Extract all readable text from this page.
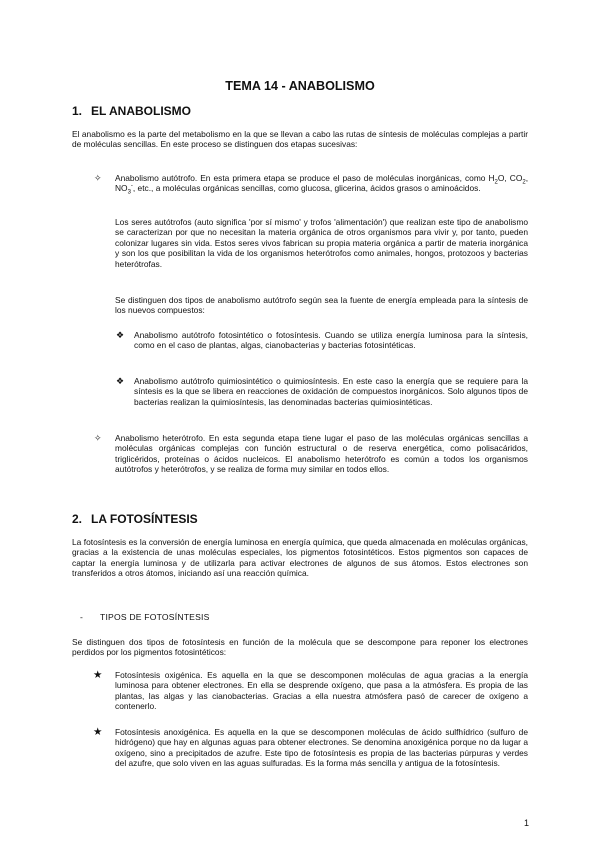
TEMA 14 - ANABOLISMO
1. EL ANABOLISMO
El anabolismo es la parte del metabolismo en la que se llevan a cabo las rutas de síntesis de moléculas complejas a partir de moléculas sencillas. En este proceso se distinguen dos etapas sucesivas:
✧ Anabolismo autótrofo. En esta primera etapa se produce el paso de moléculas inorgánicas, como $H_2O$, $CO_2$, $NO_3^-$, etc., a moléculas orgánicas sencillas, como glucosa, glicerina, ácidos grasos o aminoácidos.
Los seres autótrofos (auto significa 'por sí mismo' y trofos 'alimentación') que realizan este tipo de anabolismo se caracterizan por que no necesitan la materia orgánica de otros organismos para vivir y, por tanto, pueden colonizar lugares sin vida. Estos seres vivos fabrican su propia materia orgánica a partir de materia inorgánica y son los que posibilitan la vida de los organismos heterótrofos como animales, hongos, protozoos y bacterias heterótrofas.
Se distinguen dos tipos de anabolismo autótrofo según sea la fuente de energía empleada para la síntesis de los nuevos compuestos:
❖ Anabolismo autótrofo fotosintético o fotosíntesis. Cuando se utiliza energía luminosa para la síntesis, como en el caso de plantas, algas, cianobacterias y bacterias fotosintéticas.
❖ Anabolismo autótrofo quimiosintético o quimiosíntesis. En este caso la energía que se requiere para la síntesis es la que se libera en reacciones de oxidación de compuestos inorgánicos. Solo algunos tipos de bacterias realizan la quimiosíntesis, las denominadas bacterias quimiosintéticas.
✧ Anabolismo heterótrofo. En esta segunda etapa tiene lugar el paso de las moléculas orgánicas sencillas a moléculas orgánicas complejas con función estructural o de reserva energética, como polisacáridos, triglicéridos, proteínas o ácidos nucleicos. El anabolismo heterótrofo es común a todos los organismos autótrofos y heterótrofos, y se realiza de forma muy similar en todos ellos.
2. LA FOTOSÍNTESIS
La fotosíntesis es la conversión de energía luminosa en energía química, que queda almacenada en moléculas orgánicas, gracias a la existencia de unas moléculas especiales, los pigmentos fotosintéticos. Estos pigmentos son capaces de captar la energía luminosa y de utilizarla para activar electrones de algunos de sus átomos. Estos electrones son transferidos a otros átomos, iniciando así una reacción química.
- TIPOS DE FOTOSÍNTESIS
Se distinguen dos tipos de fotosíntesis en función de la molécula que se descompone para reponer los electrones perdidos por los pigmentos fotosintéticos:
★ Fotosíntesis oxigénica. Es aquella en la que se descomponen moléculas de agua gracias a la energía luminosa para obtener electrones. En ella se desprende oxígeno, que pasa a la atmósfera. Es propia de las plantas, las algas y las cianobacterias. Gracias a ella nuestra atmósfera pasó de carecer de oxígeno a contenerlo.
★ Fotosíntesis anoxigénica. Es aquella en la que se descomponen moléculas de ácido sulfhídrico (sulfuro de hidrógeno) que hay en algunas aguas para obtener electrones. Se denomina anoxigénica porque no da lugar a oxígeno, sino a precipitados de azufre. Este tipo de fotosíntesis es propia de las bacterias púrpuras y verdes del azufre, que solo viven en las aguas sulfuradas. Es la forma más sencilla y antigua de la fotosíntesis.
1
